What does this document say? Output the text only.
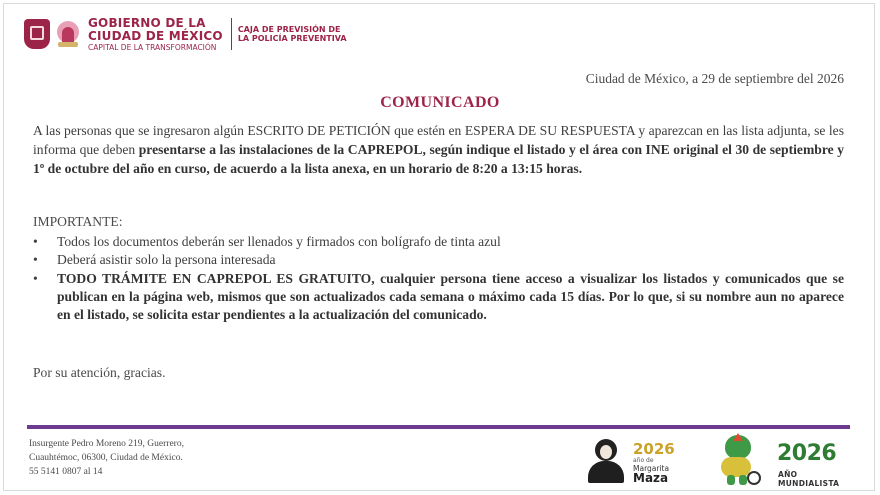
GOBIERNO DE LA
CIUDAD DE MÉXICO
CAPITAL DE LA TRANSFORMACIÓN
CAJA DE PREVISIÓN DE
LA POLICÍA PREVENTIVA
Ciudad de México, a 29 de septiembre del 2026
COMUNICADO
A las personas que se ingresaron algún ESCRITO DE PETICIÓN que estén en ESPERA DE SU RESPUESTA y aparezcan en las lista adjunta, se les informa que deben presentarse a las instalaciones de la CAPREPOL, según indique el listado y el área con INE original el 30 de septiembre y 1º de octubre del año en curso, de acuerdo a la lista anexa, en un horario de 8:20 a 13:15 horas.
IMPORTANTE:
• Todos los documentos deberán ser llenados y firmados con bolígrafo de tinta azul
• Deberá asistir solo la persona interesada
• TODO TRÁMITE EN CAPREPOL ES GRATUITO, cualquier persona tiene acceso a visualizar los listados y comunicados que se publican en la página web, mismos que son actualizados cada semana o máximo cada 15 días. Por lo que, si su nombre aun no aparece en el listado, se solicita estar pendientes a la actualización del comunicado.
Por su atención, gracias.
Insurgente Pedro Moreno 219, Guerrero,
Cuauhtémoc, 06300, Ciudad de México.
55 5141 0807 al 14
2026
año de
Margarita
Maza
2026
AÑO MUNDIALISTA
